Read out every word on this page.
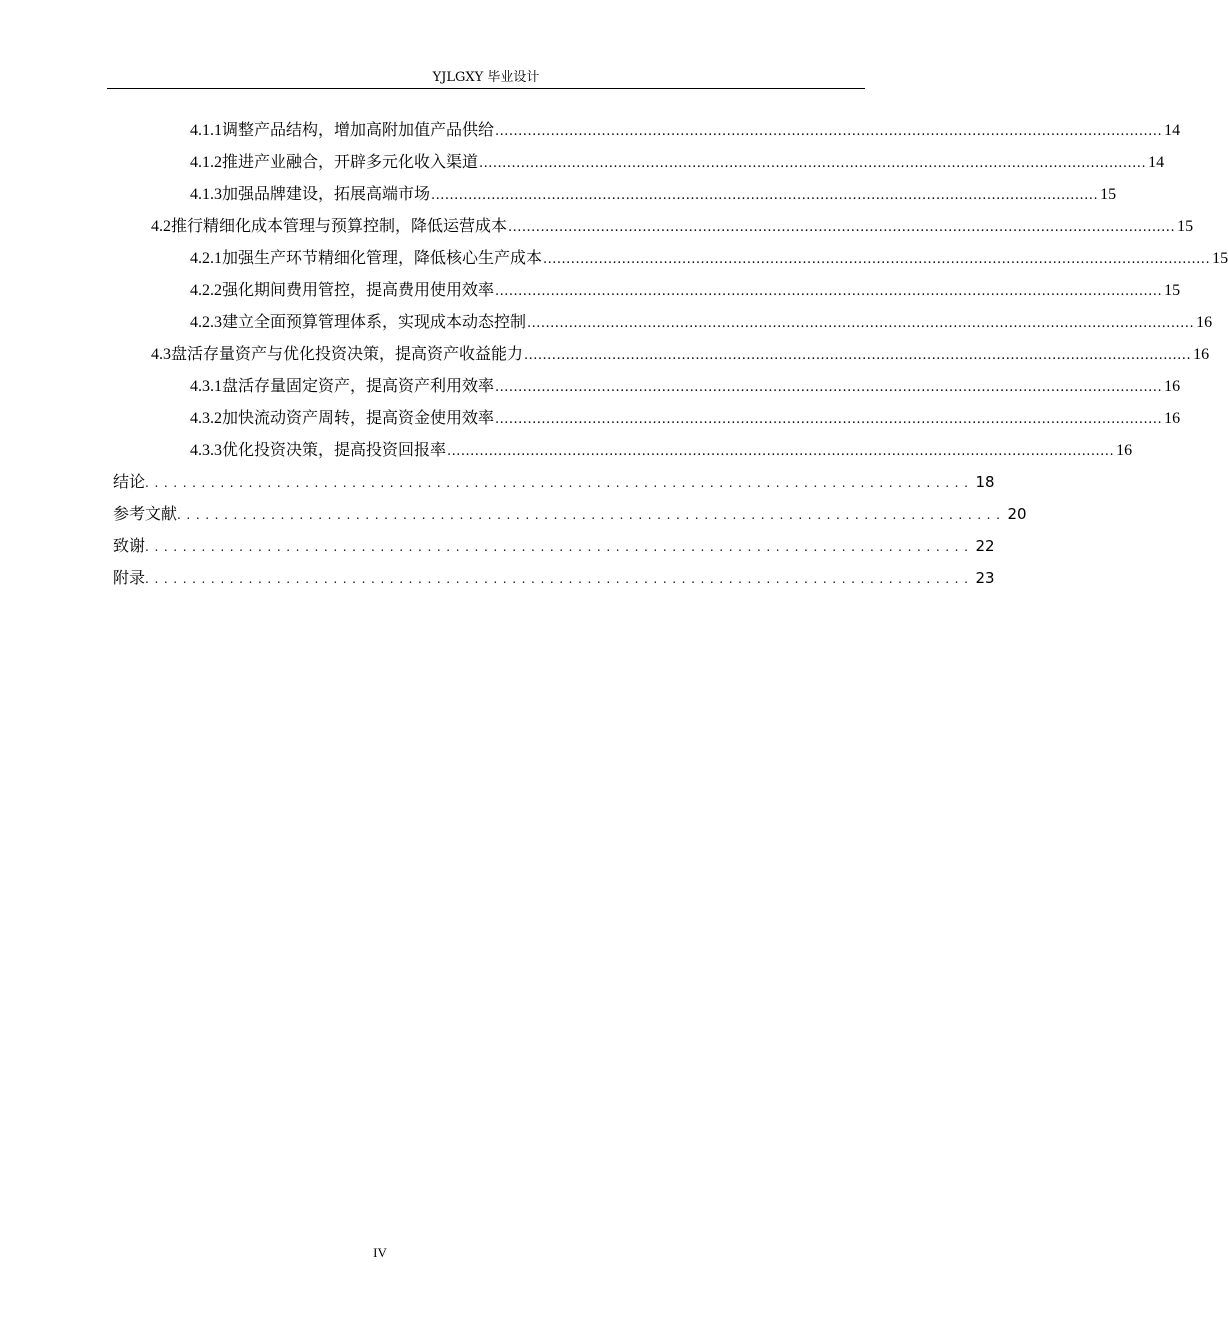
YJLGXY 毕业设计
4.1.1 调整产品结构，增加高附加值产品供给 ................................................................................................................................................ 14
4.1.2 推进产业融合，开辟多元化收入渠道 ................................................................................................................................................ 14
4.1.3 加强品牌建设，拓展高端市场 ................................................................................................................................................ 15
4.2 推行精细化成本管理与预算控制，降低运营成本 ................................................................................................................................................ 15
4.2.1 加强生产环节精细化管理，降低核心生产成本 ................................................................................................................................................ 15
4.2.2 强化期间费用管控，提高费用使用效率 ................................................................................................................................................ 15
4.2.3 建立全面预算管理体系，实现成本动态控制 ................................................................................................................................................ 16
4.3 盘活存量资产与优化投资决策，提高资产收益能力 ................................................................................................................................................ 16
4.3.1 盘活存量固定资产，提高资产利用效率 ................................................................................................................................................ 16
4.3.2 加快流动资产周转，提高资金使用效率 ................................................................................................................................................ 16
4.3.3 优化投资决策，提高投资回报率 ................................................................................................................................................ 16
结 论 ........................................................................................ 18
参考文献 ........................................................................................ 20
致 谢 ........................................................................................ 22
附 录 ........................................................................................ 23
IV
